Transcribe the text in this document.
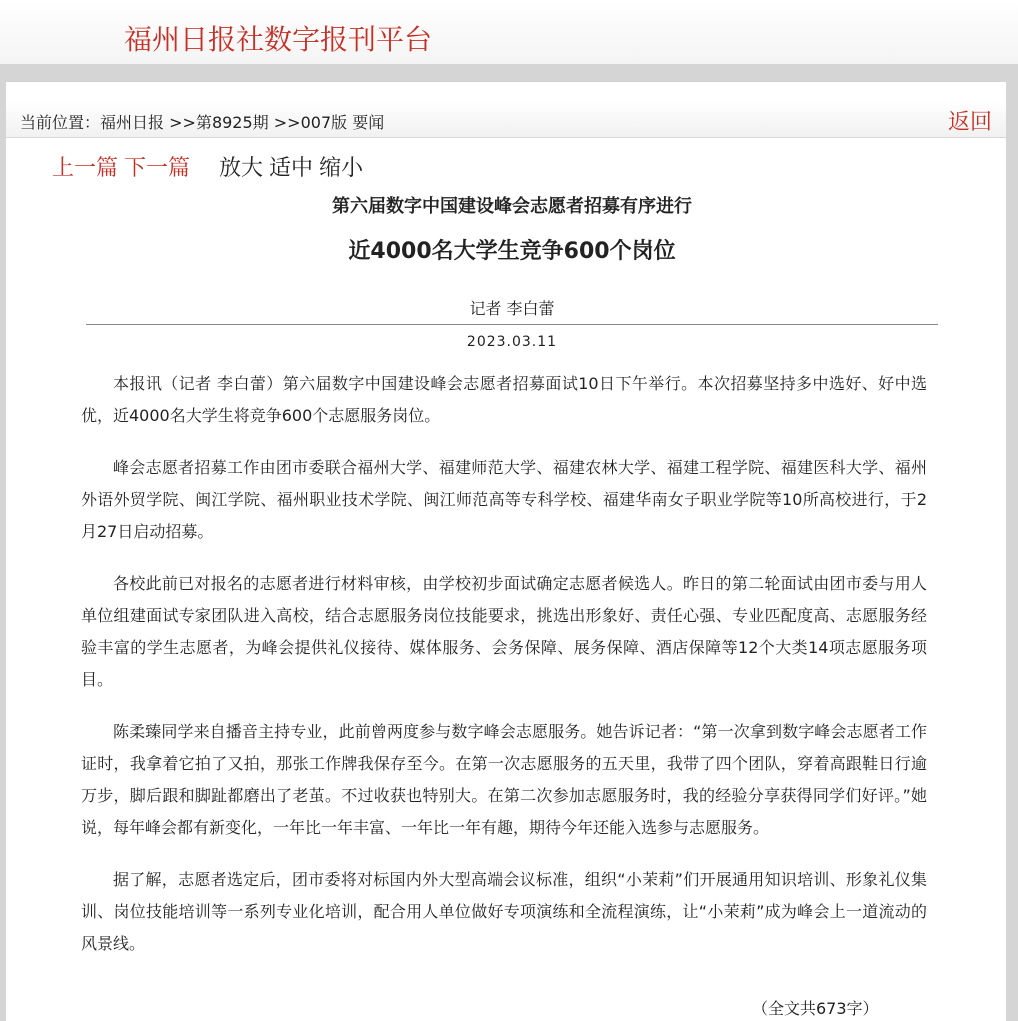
福州日报社数字报刊平台
上一篇 下一篇 放大 适中 缩小
第六届数字中国建设峰会志愿者招募有序进行
近4000名大学生竞争600个岗位
记者 李白蕾
2023.03.11

本报讯（记者 李白蕾）第六届数字中国建设峰会志愿者招募面试10日下午举行。本次招募坚持多中选好、好中选优，近4000名大学生将竞争600个志愿服务岗位。

峰会志愿者招募工作由团市委联合福州大学、福建师范大学、福建农林大学、福建工程学院、福建医科大学、福州外语外贸学院、闽江学院、福州职业技术学院、闽江师范高等专科学校、福建华南女子职业学院等10所高校进行，于2月27日启动招募。

各校此前已对报名的志愿者进行材料审核，由学校初步面试确定志愿者候选人。昨日的第二轮面试由团市委与用人单位组建面试专家团队进入高校，结合志愿服务岗位技能要求，挑选出形象好、责任心强、专业匹配度高、志愿服务经验丰富的学生志愿者，为峰会提供礼仪接待、媒体服务、会务保障、展务保障、酒店保障等12个大类14项志愿服务项目。

陈柔臻同学来自播音主持专业，此前曾两度参与数字峰会志愿服务。她告诉记者：“第一次拿到数字峰会志愿者工作证时，我拿着它拍了又拍，那张工作牌我保存至今。在第一次志愿服务的五天里，我带了四个团队，穿着高跟鞋日行逾万步，脚后跟和脚趾都磨出了老茧。不过收获也特别大。在第二次参加志愿服务时，我的经验分享获得同学们好评。”她说，每年峰会都有新变化，一年比一年丰富、一年比一年有趣，期待今年还能入选参与志愿服务。

据了解，志愿者选定后，团市委将对标国内外大型高端会议标准，组织“小茉莉”们开展通用知识培训、形象礼仪集训、岗位技能培训等一系列专业化培训，配合用人单位做好专项演练和全流程演练，让“小茉莉”成为峰会上一道流动的风景线。

（全文共673字）
当前位置：福州日报 >>第8925期 >>007版 要闻	返回
